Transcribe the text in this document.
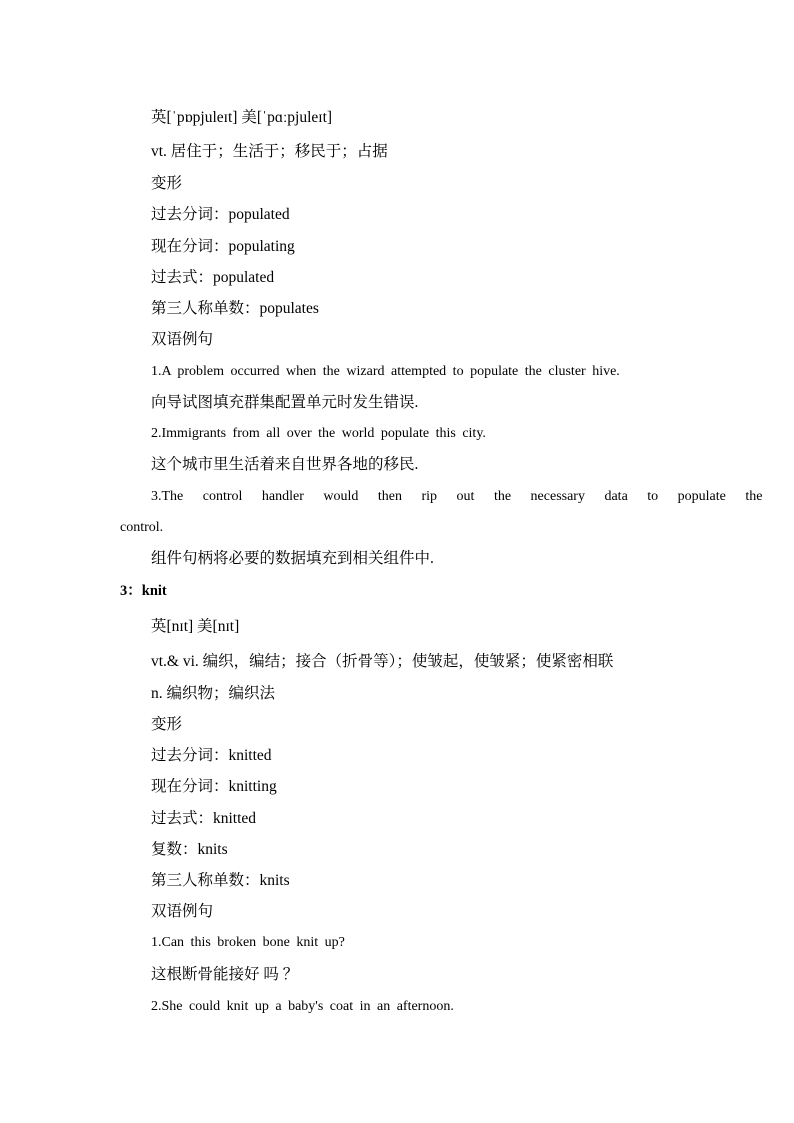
英[ˈpɒpjuleɪt] 美[ˈpɑːpjuleɪt]
vt. 居住于；生活于；移民于；占据
变形
过去分词：populated
现在分词：populating
过去式：populated
第三人称单数：populates
双语例句
1.A problem occurred when the wizard attempted to populate the cluster hive.
向导试图填充群集配置单元时发生错误.
2.Immigrants from all over the world populate this city.
这个城市里生活着来自世界各地的移民.
3.The control handler would then rip out the necessary data to populate the
control.
组件句柄将必要的数据填充到相关组件中.
3：knit
英[nɪt] 美[nɪt]
vt.& vi. 编织，编结；接合（折骨等）；使皱起，使皱紧；使紧密相联
n. 编织物；编织法
变形
过去分词：knitted
现在分词：knitting
过去式：knitted
复数：knits
第三人称单数：knits
双语例句
1.Can this broken bone knit up?
这根断骨能接好 吗 ？
2.She could knit up a baby's coat in an afternoon.
